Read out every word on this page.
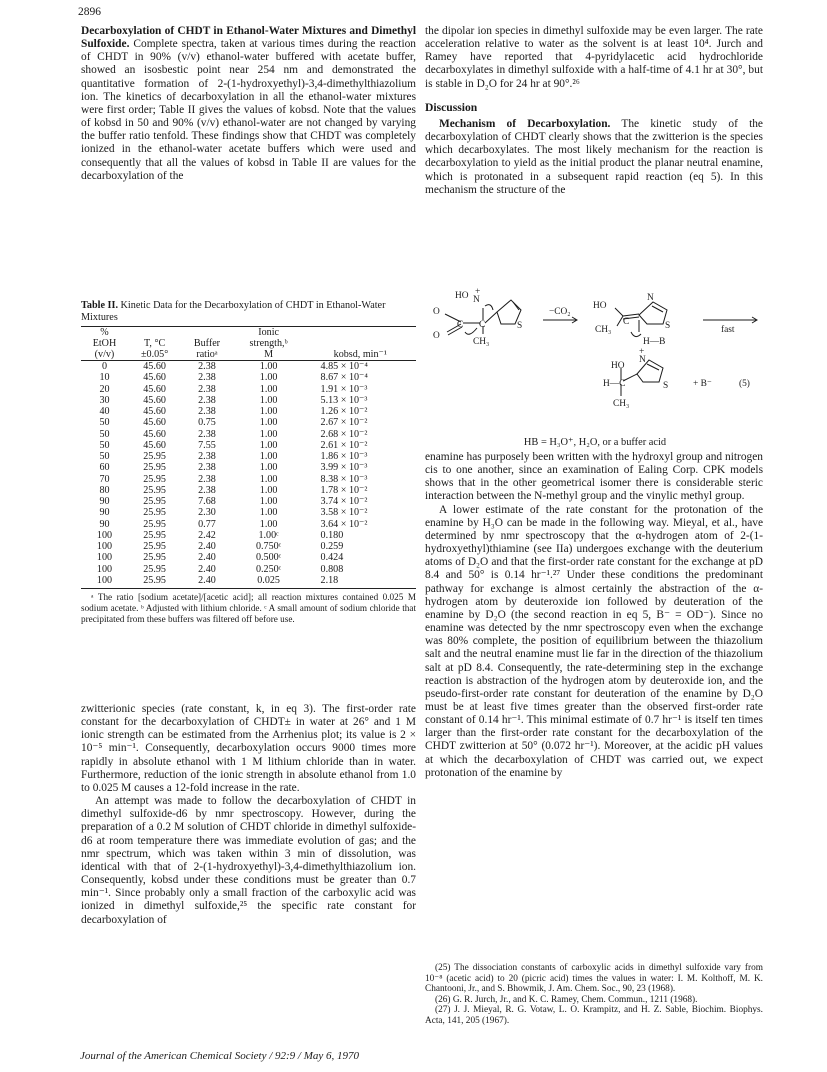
2896

Decarboxylation of CHDT in Ethanol-Water Mixtures and Dimethyl Sulfoxide. Complete spectra, taken at various times during the reaction of CHDT in 90% (v/v) ethanol-water buffered with acetate buffer, showed an isosbestic point near 254 nm and demonstrated the quantitative formation of 2-(1-hydroxyethyl)-3,4-dimethylthiazolium ion. The kinetics of decarboxylation in all the ethanol-water mixtures were first order; Table II gives the values of kobsd. Note that the values of kobsd in 50 and 90% (v/v) ethanol-water are not changed by varying the buffer ratio tenfold. These findings show that CHDT was completely ionized in the ethanol-water acetate buffers which were used and consequently that all the values of kobsd in Table II are values for the decarboxylation of the

Table II. Kinetic Data for the Decarboxylation of CHDT in Ethanol-Water Mixtures
%			Ionic	
EtOH	T, °C	Buffer	strength,ᵇ	
(v/v)	±0.05°	ratioᵃ	M	kobsd, min⁻¹
0	45.60	2.38	1.00	4.85 × 10⁻⁴
10	45.60	2.38	1.00	8.67 × 10⁻⁴
20	45.60	2.38	1.00	1.91 × 10⁻³
30	45.60	2.38	1.00	5.13 × 10⁻³
40	45.60	2.38	1.00	1.26 × 10⁻²
50	45.60	0.75	1.00	2.67 × 10⁻²
50	45.60	2.38	1.00	2.68 × 10⁻²
50	45.60	7.55	1.00	2.61 × 10⁻²
50	25.95	2.38	1.00	1.86 × 10⁻³
60	25.95	2.38	1.00	3.99 × 10⁻³
70	25.95	2.38	1.00	8.38 × 10⁻³
80	25.95	2.38	1.00	1.78 × 10⁻²
90	25.95	7.68	1.00	3.74 × 10⁻²
90	25.95	2.30	1.00	3.58 × 10⁻²
90	25.95	0.77	1.00	3.64 × 10⁻²
100	25.95	2.42	1.00ᶜ	0.180
100	25.95	2.40	0.750ᶜ	0.259
100	25.95	2.40	0.500ᶜ	0.424
100	25.95	2.40	0.250ᶜ	0.808
100	25.95	2.40	0.025	2.18
ᵃ The ratio [sodium acetate]/[acetic acid]; all reaction mixtures contained 0.025 M sodium acetate. ᵇ Adjusted with lithium chloride. ᶜ A small amount of sodium chloride that precipitated from these buffers was filtered off before use.

zwitterionic species (rate constant, k, in eq 3). The first-order rate constant for the decarboxylation of CHDT± in water at 26° and 1 M ionic strength can be estimated from the Arrhenius plot; its value is 2 × 10⁻⁵ min⁻¹. Consequently, decarboxylation occurs 9000 times more rapidly in absolute ethanol with 1 M lithium chloride than in water. Furthermore, reduction of the ionic strength in absolute ethanol from 1.0 to 0.025 M causes a 12-fold increase in the rate.

An attempt was made to follow the decarboxylation of CHDT in dimethyl sulfoxide-d6 by nmr spectroscopy. However, during the preparation of a 0.2 M solution of CHDT chloride in dimethyl sulfoxide-d6 at room temperature there was immediate evolution of gas; and the nmr spectrum, which was taken within 3 min of dissolution, was identical with that of 2-(1-hydroxyethyl)-3,4-dimethylthiazolium ion. Consequently, kobsd under these conditions must be greater than 0.7 min⁻¹. Since probably only a small fraction of the carboxylic acid was ionized in dimethyl sulfoxide,²⁵ the specific rate constant for decarboxylation of

the dipolar ion species in dimethyl sulfoxide may be even larger. The rate acceleration relative to water as the solvent is at least 10⁴. Jurch and Ramey have reported that 4-pyridylacetic acid hydrochloride decarboxylates in dimethyl sulfoxide with a half-time of 4.1 hr at 30°, but is stable in D₂O for 24 hr at 90°.²⁶

Discussion

Mechanism of Decarboxylation. The kinetic study of the decarboxylation of CHDT clearly shows that the zwitterion is the species which decarboxylates. The most likely mechanism for the reaction is decarboxylation to yield as the initial product the planar neutral enamine, which is protonated in a subsequent rapid reaction (eq 5). In this mechanism the structure of the

HO +
N
O
O
C C	S
CH₃
−CO₂
HO
N
C	S
CH₃
H—B
fast
HO
+
N
H—C	S
CH₃
+ B⁻	(5)
HB = H₃O⁺, H₂O, or a buffer acid

enamine has purposely been written with the hydroxyl group and nitrogen cis to one another, since an examination of Ealing Corp. CPK models shows that in the other geometrical isomer there is considerable steric interaction between the N-methyl group and the vinylic methyl group.

A lower estimate of the rate constant for the protonation of the enamine by H₃O can be made in the following way. Mieyal, et al., have determined by nmr spectroscopy that the α-hydrogen atom of 2-(1-hydroxyethyl)thiamine (see IIa) undergoes exchange with the deuterium atoms of D₂O and that the first-order rate constant for the exchange at pD 8.4 and 50° is 0.14 hr⁻¹.²⁷ Under these conditions the predominant pathway for exchange is almost certainly the abstraction of the α-hydrogen atom by deuteroxide ion followed by deuteration of the enamine by D₂O (the second reaction in eq 5, B⁻ = OD⁻). Since no enamine was detected by the nmr spectroscopy even when the exchange was 80% complete, the position of equilibrium between the thiazolium salt and the neutral enamine must lie far in the direction of the thiazolium salt at pD 8.4. Consequently, the rate-determining step in the exchange reaction is abstraction of the hydrogen atom by deuteroxide ion, and the pseudo-first-order rate constant for deuteration of the enamine by D₂O must be at least five times greater than the observed first-order rate constant of 0.14 hr⁻¹. This minimal estimate of 0.7 hr⁻¹ is itself ten times larger than the first-order rate constant for the decarboxylation of the CHDT zwitterion at 50° (0.072 hr⁻¹). Moreover, at the acidic pH values at which the decarboxylation of CHDT was carried out, we expect protonation of the enamine by

(25) The dissociation constants of carboxylic acids in dimethyl sulfoxide vary from 10⁻⁸ (acetic acid) to 20 (picric acid) times the values in water: I. M. Kolthoff, M. K. Chantooni, Jr., and S. Bhowmik, J. Am. Chem. Soc., 90, 23 (1968).

(26) G. R. Jurch, Jr., and K. C. Ramey, Chem. Commun., 1211 (1968).

(27) J. J. Mieyal, R. G. Votaw, L. O. Krampitz, and H. Z. Sable, Biochim. Biophys. Acta, 141, 205 (1967).

Journal of the American Chemical Society / 92:9 / May 6, 1970
